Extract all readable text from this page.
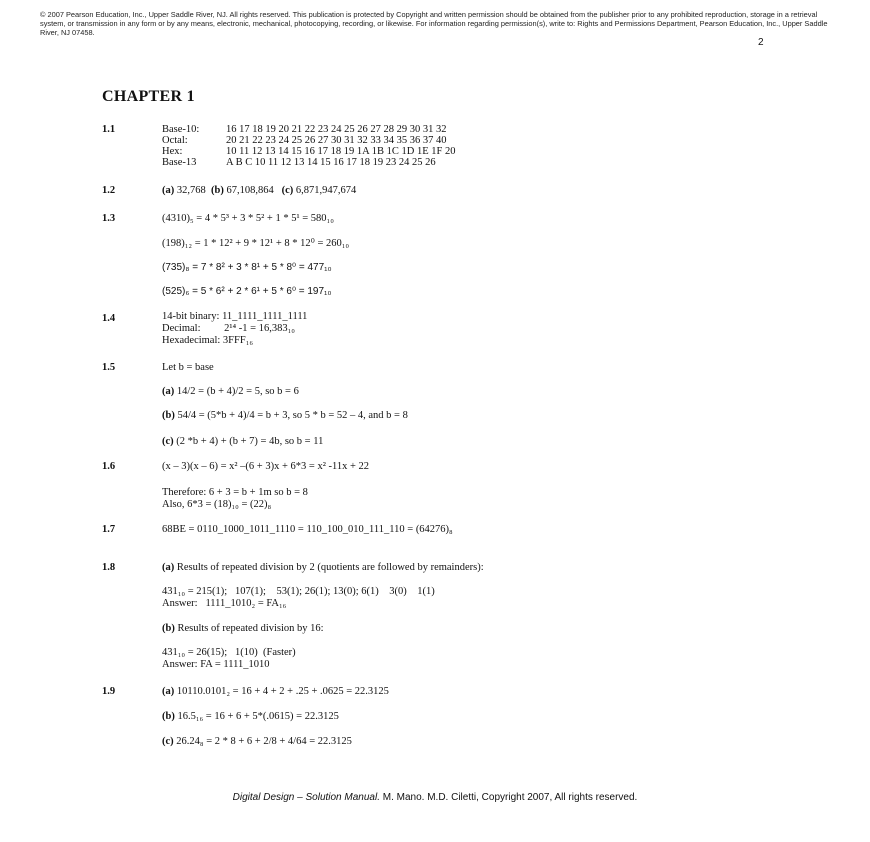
© 2007 Pearson Education, Inc., Upper Saddle River, NJ. All rights reserved. This publication is protected by Copyright and written permission should be obtained from the publisher prior to any prohibited reproduction, storage in a retrieval system, or transmission in any form or by any means, electronic, mechanical, photocopying, recording, or likewise. For information regarding permission(s), write to: Rights and Permissions Department, Pearson Education, Inc., Upper Saddle River, NJ 07458.
2
CHAPTER 1
1.1	Base-10:	16 17 18 19 20 21 22 23 24 25 26 27 28 29 30 31 32
Octal:	20 21 22 23 24 25 26 27 30 31 32 33 34 35 36 37 40
Hex:	10 11 12 13 14 15 16 17 18 19 1A 1B 1C 1D 1E 1F 20
Base-13	A B C 10 11 12 13 14 15 16 17 18 19 23 24 25 26
1.2	(a) 32,768 (b) 67,108,864 (c) 6,871,947,674
1.3	(4310)₅ = 4 * 5³ + 3 * 5² + 1 * 5¹ = 580₁₀
(198)₁₂ = 1 * 12² + 9 * 12¹ + 8 * 12⁰ = 260₁₀
(735)₈ = 7 * 8² + 3 * 8¹ + 5 * 8⁰ = 477₁₀
(525)₆ = 5 * 6² + 2 * 6¹ + 5 * 6⁰ = 197₁₀
1.4	14-bit binary: 11_1111_1111_1111
Decimal:         2¹⁴ -1 = 16,383₁₀
Hexadecimal: 3FFF₁₆
1.5	Let b = base
(a) 14/2 = (b + 4)/2 = 5, so b = 6
(b) 54/4 = (5*b + 4)/4 = b + 3, so 5 * b = 52 – 4, and b = 8
(c) (2 *b + 4) + (b + 7) = 4b, so b = 11
1.6	(x – 3)(x – 6) = x² –(6 + 3)x + 6*3 = x² -11x + 22
Therefore: 6 + 3 = b + 1m so b = 8
Also, 6*3 = (18)₁₀ = (22)₈
1.7	68BE = 0110_1000_1011_1110 = 110_100_010_111_110 = (64276)₈
1.8	(a) Results of repeated division by 2 (quotients are followed by remainders):
431₁₀ = 215(1);   107(1);    53(1); 26(1); 13(0); 6(1)    3(0)    1(1)
Answer:   1111_1010₂ = FA₁₆
(b) Results of repeated division by 16:
431₁₀ = 26(15);   1(10)  (Faster)
Answer: FA = 1111_1010
1.9	(a) 10110.0101₂ = 16 + 4 + 2 + .25 + .0625 = 22.3125
(b) 16.5₁₆ = 16 + 6 + 5*(.0615) = 22.3125
(c) 26.24₈ = 2 * 8 + 6 + 2/8 + 4/64 = 22.3125
Digital Design – Solution Manual. M. Mano. M.D. Ciletti, Copyright 2007, All rights reserved.
